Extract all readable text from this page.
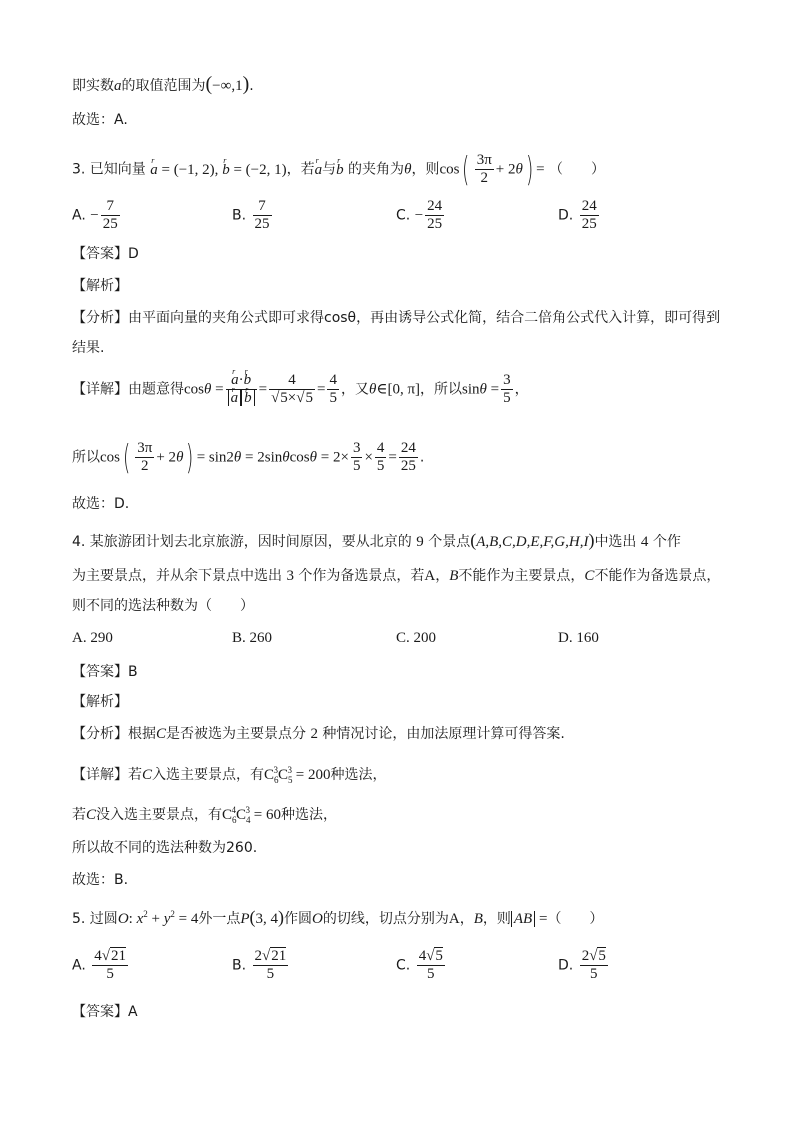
即实数a的取值范围为(−∞,1).
故选：A.
3. 已知向量 r a = (−1, 2), r b = (−2, 1)，若r a与r b 的夹角为θ，则$\cos( \frac{3\pi}{2} + 2\theta)$ = （　　）
A. − $\frac{7}{25}$	B. $\frac{7}{25}$	C. − $\frac{24}{25}$	D. $\frac{24}{25}$
【答案】D
【解析】
【分析】由平面向量的夹角公式即可求得cosθ，再由诱导公式化简，结合二倍角公式代入计算，即可得到
结果.
【详解】由题意得cosθ = r a·r b
r a r $b = \frac{4}{√5\times√5} = \frac{4}{5}$ ，又θ∈[0, π]，所以$\sin\theta = \frac{3}{5}$ ，
所以$\cos( \frac{3\pi}{2} + 2\theta) = \sin 2\theta = 2\sin\theta\cos\theta = 2\times \frac{3}{5} \times \frac{4}{5} = \frac{24}{25}$ .
故选：D.
4. 某旅游团计划去北京旅游，因时间原因，要从北京的 9 个景点(A,B,C,D,E,F,G,H,I)中选出 4 个作
为主要景点，并从余下景点中选出 3 个作为备选景点，若A，B不能作为主要景点，C不能作为备选景点，
则不同的选法种数为（　　）
A. 290	B. 260	C. 200	D. 160
【答案】B
【解析】
【分析】根据C是否被选为主要景点分 2 种情况讨论，由加法原理计算可得答案.
【详解】若C入选主要景点，有$C_6^3C_5^3 = 200$种选法，
若C没入选主要景点，有$C_6^4C_4^3 = 60$种选法，
所以故不同的选法种数为260.
故选：B.
5. 过圆O: $x^2 + y^2 = 4$外一点P(3, 4)作圆O的切线，切点分别为A，B，则 AB =（　　）
A. $\frac{4√21}{5}$	B. $\frac{2√21}{5}$	C. $\frac{4√5}{5}$	D. $\frac{2√5}{5}$
【答案】A
